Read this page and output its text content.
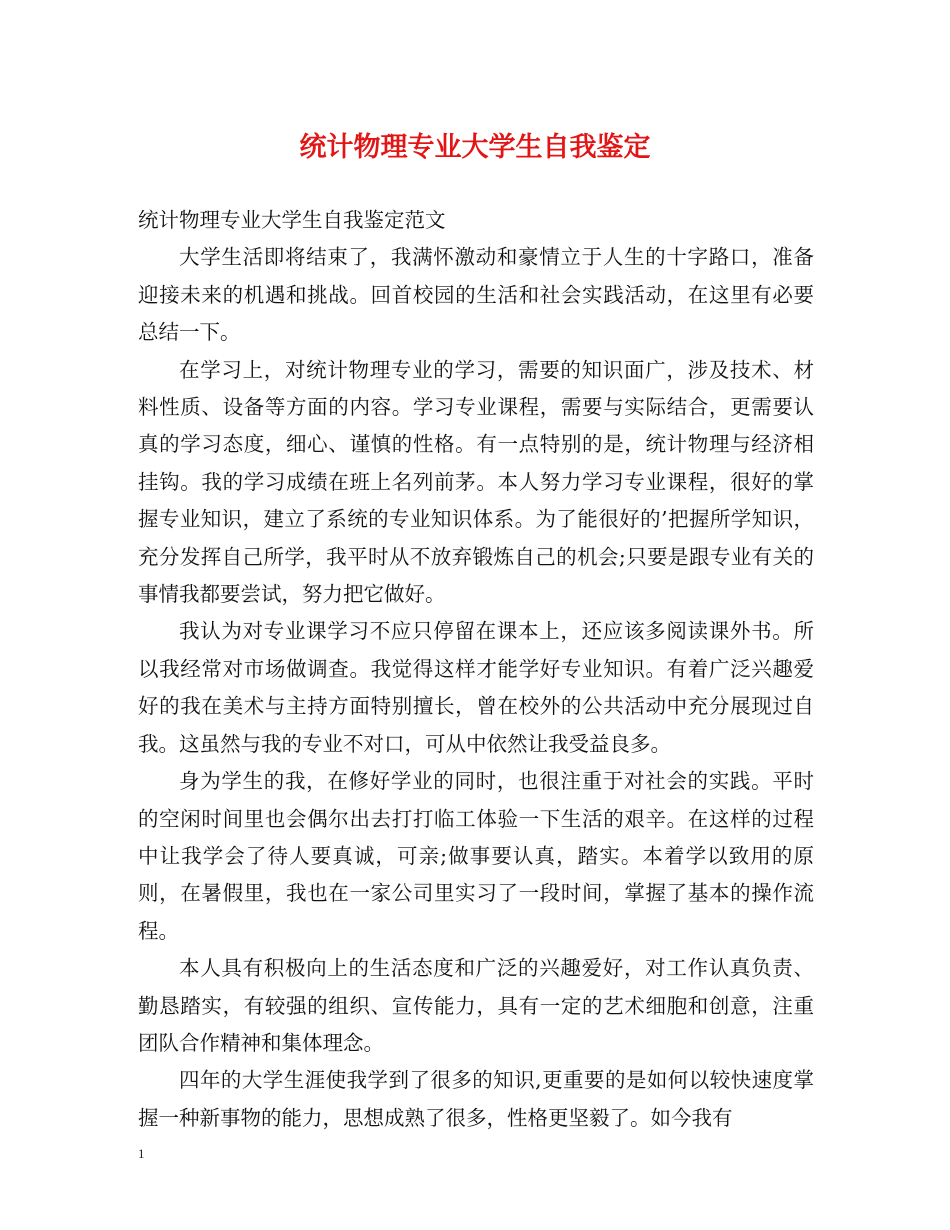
统计物理专业大学生自我鉴定

统计物理专业大学生自我鉴定范文

大学生活即将结束了，我满怀激动和豪情立于人生的十字路口，准备迎接未来的机遇和挑战。回首校园的生活和社会实践活动，在这里有必要总结一下。

在学习上，对统计物理专业的学习，需要的知识面广，涉及技术、材料性质、设备等方面的内容。学习专业课程，需要与实际结合，更需要认真的学习态度，细心、谨慎的性格。有一点特别的是，统计物理与经济相挂钩。我的学习成绩在班上名列前茅。本人努力学习专业课程，很好的掌握专业知识，建立了系统的专业知识体系。为了能很好的’把握所学知识，充分发挥自己所学，我平时从不放弃锻炼自己的机会;只要是跟专业有关的事情我都要尝试，努力把它做好。

我认为对专业课学习不应只停留在课本上，还应该多阅读课外书。所以我经常对市场做调查。我觉得这样才能学好专业知识。有着广泛兴趣爱好的我在美术与主持方面特别擅长，曾在校外的公共活动中充分展现过自我。这虽然与我的专业不对口，可从中依然让我受益良多。

身为学生的我，在修好学业的同时，也很注重于对社会的实践。平时的空闲时间里也会偶尔出去打打临工体验一下生活的艰辛。在这样的过程中让我学会了待人要真诚，可亲;做事要认真，踏实。本着学以致用的原则，在暑假里，我也在一家公司里实习了一段时间，掌握了基本的操作流程。

本人具有积极向上的生活态度和广泛的兴趣爱好，对工作认真负责、勤恳踏实，有较强的组织、宣传能力，具有一定的艺术细胞和创意，注重团队合作精神和集体理念。

四年的大学生涯使我学到了很多的知识,更重要的是如何以较快速度掌握一种新事物的能力，思想成熟了很多，性格更坚毅了。如今我有

1
